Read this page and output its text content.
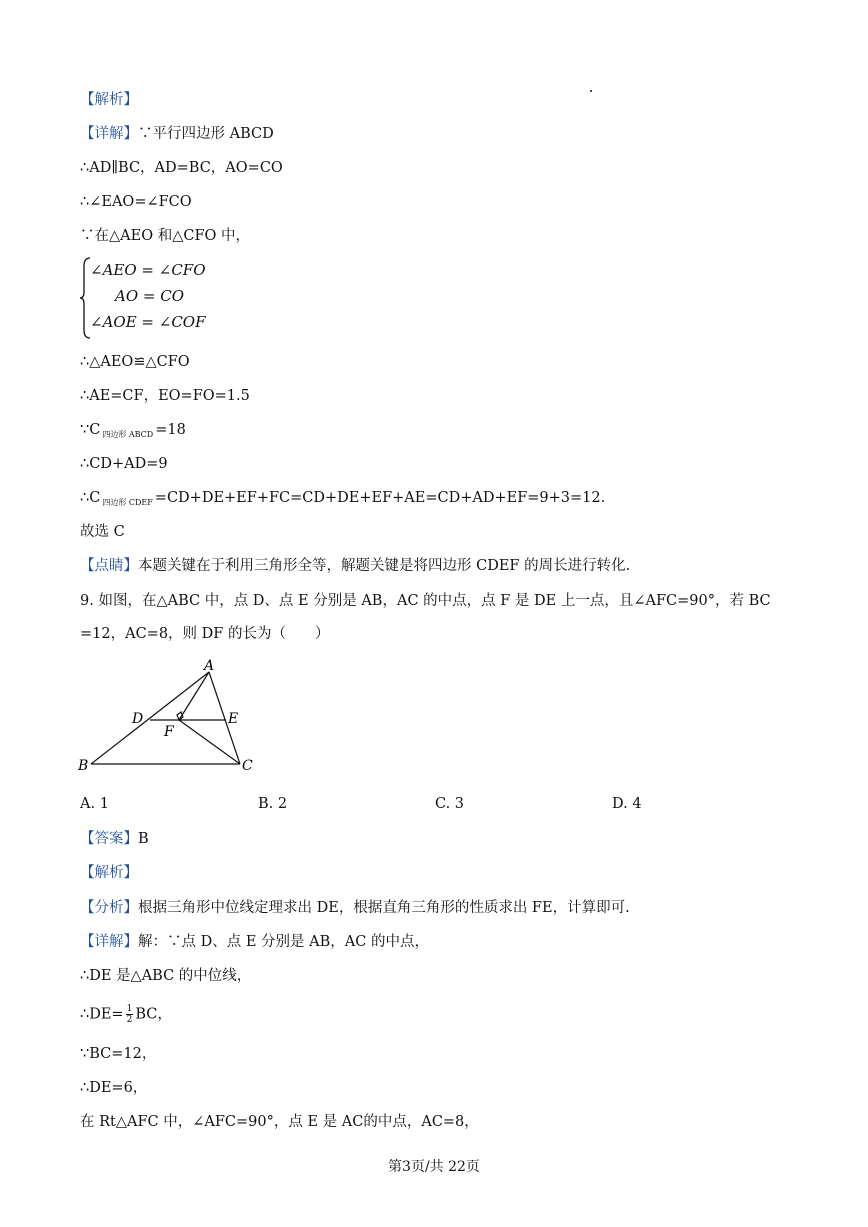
【解析】
【详解】∵平行四边形 ABCD
∴AD∥BC，AD=BC，AO=CO
∴∠EAO=∠FCO
∵在△AEO 和△CFO 中，
∠AEO = ∠CFO
AO = CO
∠AOE = ∠COF
∴△AEO≌△CFO
∴AE=CF，EO=FO=1.5
∵C $_{四边形 ABCD}$ =18
∴CD+AD=9
∴C $_{四边形 CDEF}$ =CD+DE+EF+FC=CD+DE+EF+AE=CD+AD+EF=9+3=12.
故选 C
【点睛】本题关键在于利用三角形全等，解题关键是将四边形 CDEF 的周长进行转化.
9. 如图，在△ABC 中，点 D、点 E 分别是 AB，AC 的中点，点 F 是 DE 上一点，且∠AFC=90°，若 BC
=12，AC=8，则 DF 的长为（　　）
A
B	C
D	E
F
A. 1	B. 2	C. 3	D. 4
【答案】B
【解析】
【分析】根据三角形中位线定理求出 DE，根据直角三角形的性质求出 FE，计算即可.
【详解】解：∵点 D、点 E 分别是 AB，AC 的中点，
∴DE 是△ABC 的中位线，
∴DE= $\frac{1}{2}$ BC，
∵BC=12，
∴DE=6，
在 Rt△AFC 中，∠AFC=90°，点 E 是 AC的中点，AC=8，
第3页/共 22页
